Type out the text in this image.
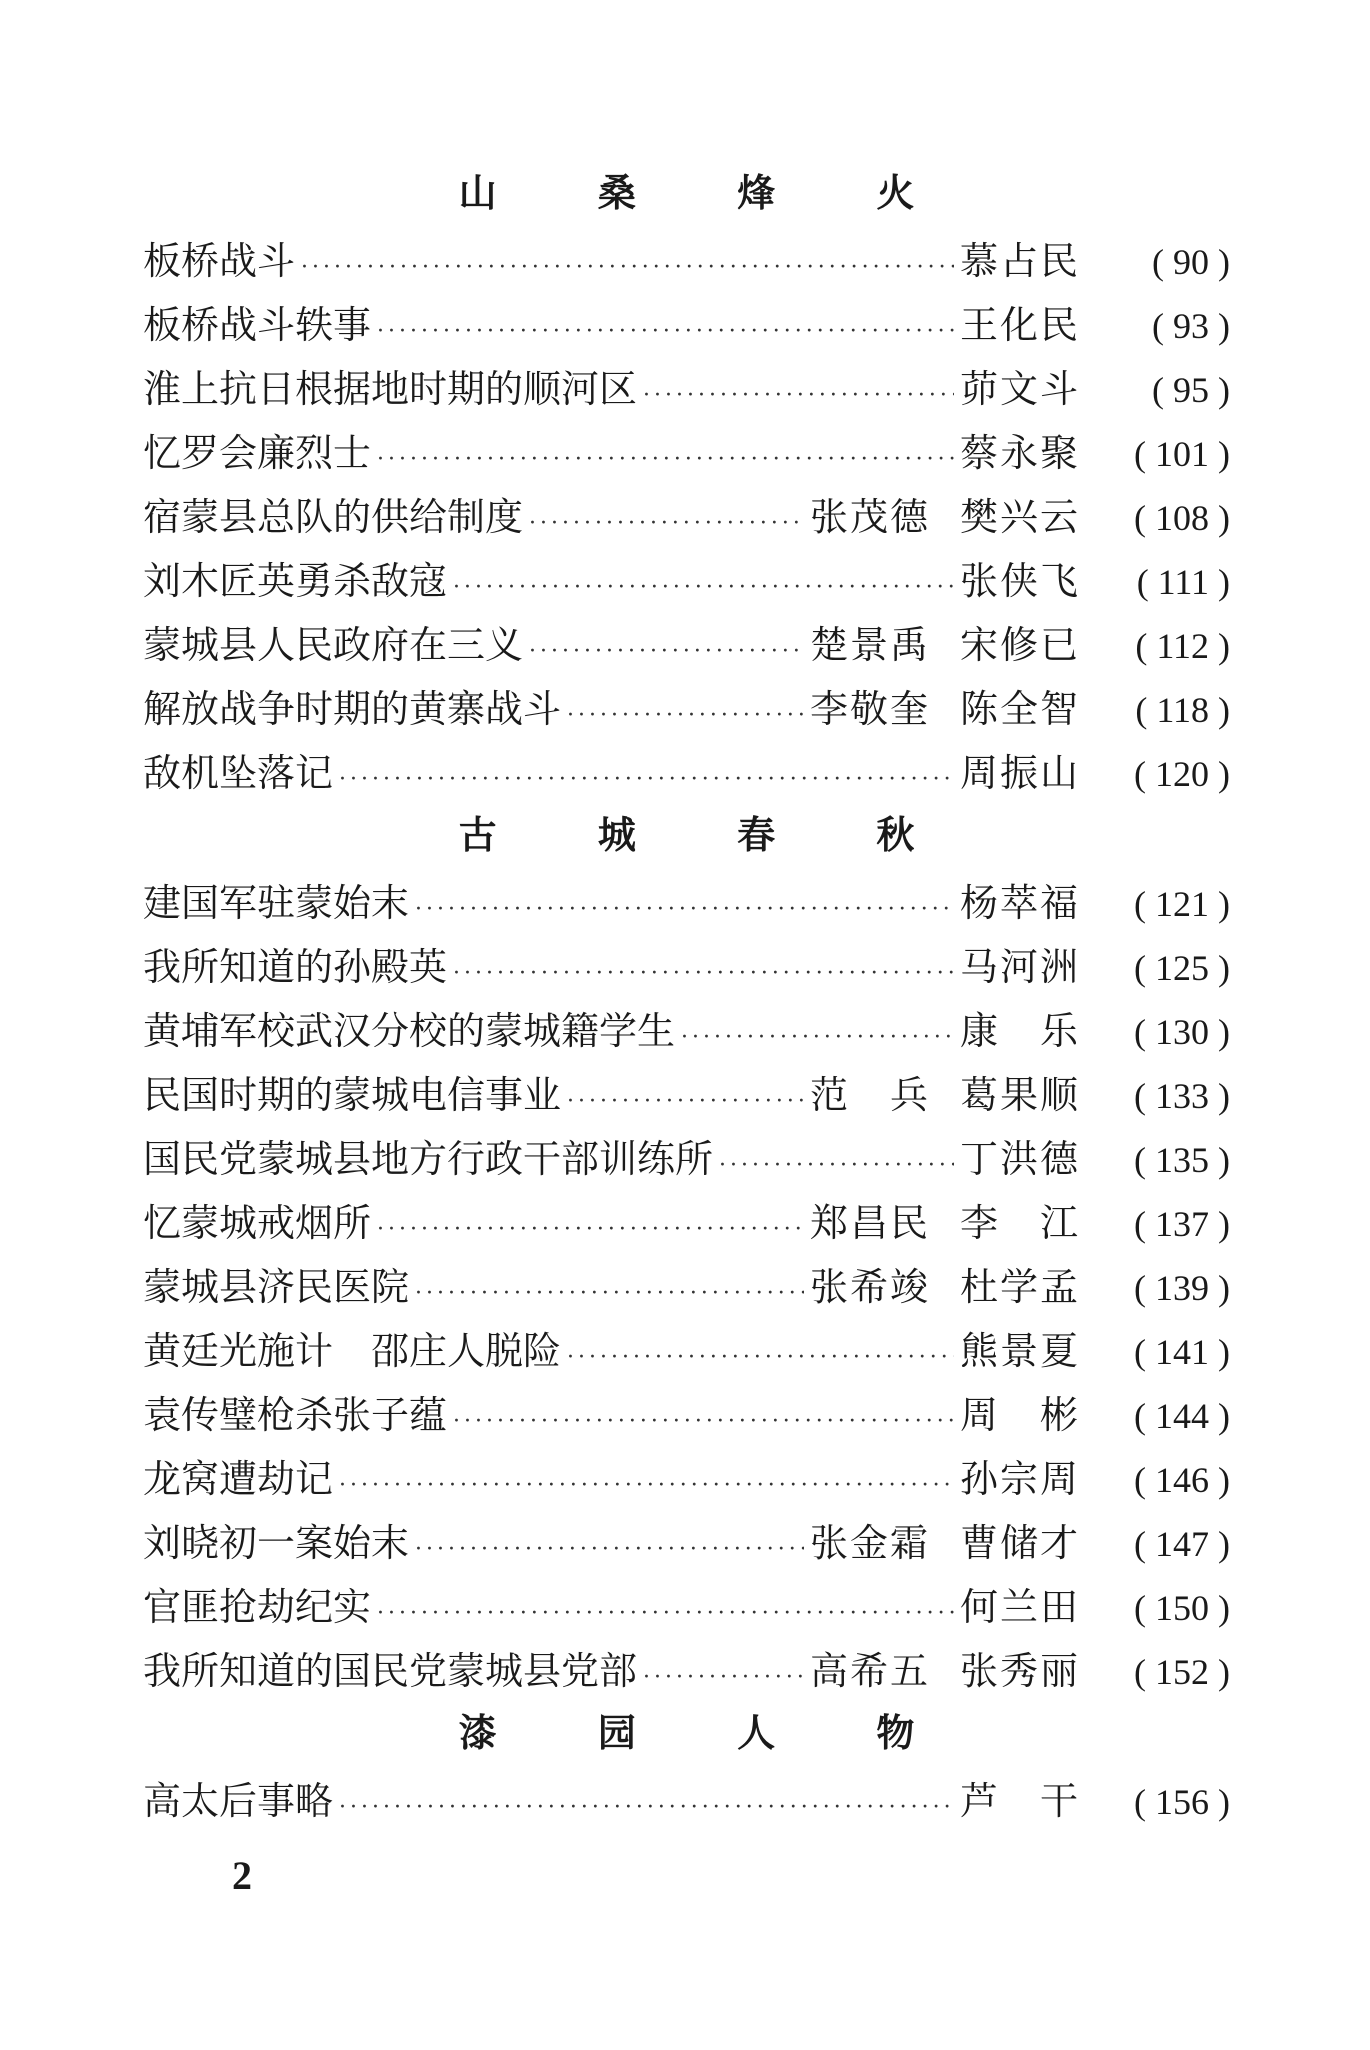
山 桑 烽 火
板桥战斗 ·····	慕占民	( 90 )
板桥战斗轶事 ·····	王化民	( 93 )
淮上抗日根据地时期的顺河区 ·····	茆文斗	( 95 )
忆罗会廉烈士 ·····	蔡永聚	( 101 )
宿蒙县总队的供给制度 ·····	张茂德 樊兴云	( 108 )
刘木匠英勇杀敌寇 ·····	张侠飞	( 111 )
蒙城县人民政府在三义 ·····	楚景禹 宋修已	( 112 )
解放战争时期的黄寨战斗 ·····	李敬奎 陈全智	( 118 )
敌机坠落记 ·····	周振山	( 120 )
古 城 春 秋
建国军驻蒙始末 ·····	杨萃福	( 121 )
我所知道的孙殿英 ·····	马河洲	( 125 )
黄埔军校武汉分校的蒙城籍学生 ·····	康　乐	( 130 )
民国时期的蒙城电信事业 ·····	范　兵 葛果顺	( 133 )
国民党蒙城县地方行政干部训练所 ·····	丁洪德	( 135 )
忆蒙城戒烟所 ·····	郑昌民 李　江	( 137 )
蒙城县济民医院 ·····	张希竣 杜学孟	( 139 )
黄廷光施计　邵庄人脱险 ·····	熊景夏	( 141 )
袁传璧枪杀张子蕴 ·····	周　彬	( 144 )
龙窝遭劫记 ·····	孙宗周	( 146 )
刘晓初一案始末 ·····	张金霜 曹储才	( 147 )
官匪抢劫纪实 ·····	何兰田	( 150 )
我所知道的国民党蒙城县党部 ·····	高希五 张秀丽	( 152 )
漆 园 人 物
高太后事略 ·····	芦　干	( 156 )
2
